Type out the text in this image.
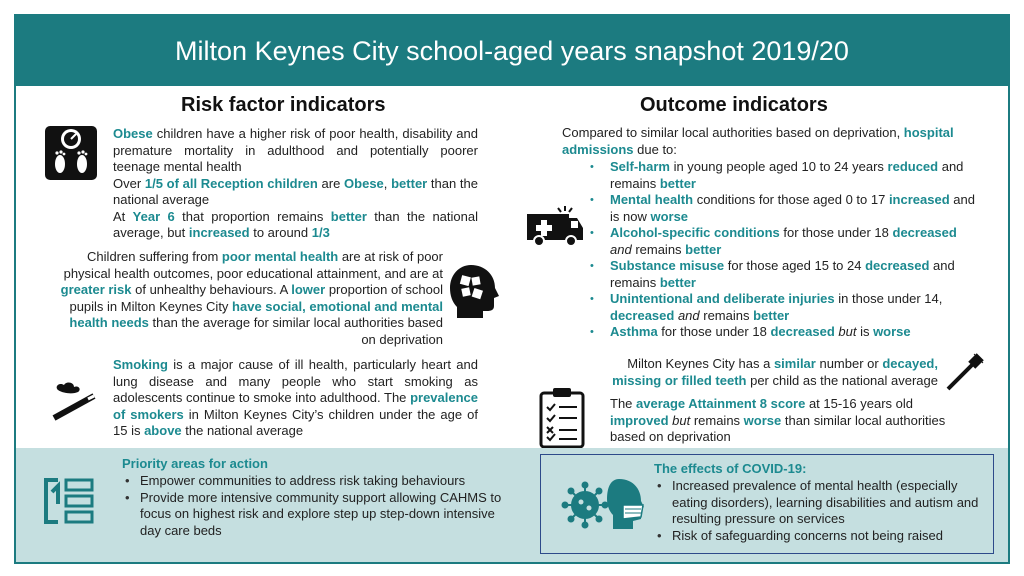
Milton Keynes City school-aged years snapshot 2019/20
Risk factor indicators
Obese children have a higher risk of poor health, disability and premature mortality in adulthood and potentially poorer teenage mental health
Over 1/5 of all Reception children are Obese, better than the national average
At Year 6 that proportion remains better than the national average, but increased to around 1/3
Children suffering from poor mental health are at risk of poor physical health outcomes, poor educational attainment, and are at greater risk of unhealthy behaviours. A lower proportion of school pupils in Milton Keynes City have social, emotional and mental health needs than the average for similar local authorities based on deprivation
Smoking is a major cause of ill health, particularly heart and lung disease and many people who start smoking as adolescents continue to smoke into adulthood. The prevalence of smokers in Milton Keynes City’s children under the age of 15 is above the national average
Outcome indicators
Compared to similar local authorities based on deprivation, hospital admissions due to:
• Self-harm in young people aged 10 to 24 years reduced and remains better
• Mental health conditions for those aged 0 to 17 increased and is now worse
• Alcohol-specific conditions for those under 18 decreased and remains better
• Substance misuse for those aged 15 to 24 decreased and remains better
• Unintentional and deliberate injuries in those under 14, decreased and remains better
• Asthma for those under 18 decreased but is worse
Milton Keynes City has a similar number or decayed, missing or filled teeth per child as the national average
The average Attainment 8 score at 15-16 years old improved but remains worse than similar local authorities based on deprivation
Priority areas for action
• Empower communities to address risk taking behaviours
• Provide more intensive community support allowing CAHMS to focus on highest risk and explore step up step-down intensive day care beds
The effects of COVID-19:
• Increased prevalence of mental health (especially eating disorders), learning disabilities and autism and resulting pressure on services
• Risk of safeguarding concerns not being raised
